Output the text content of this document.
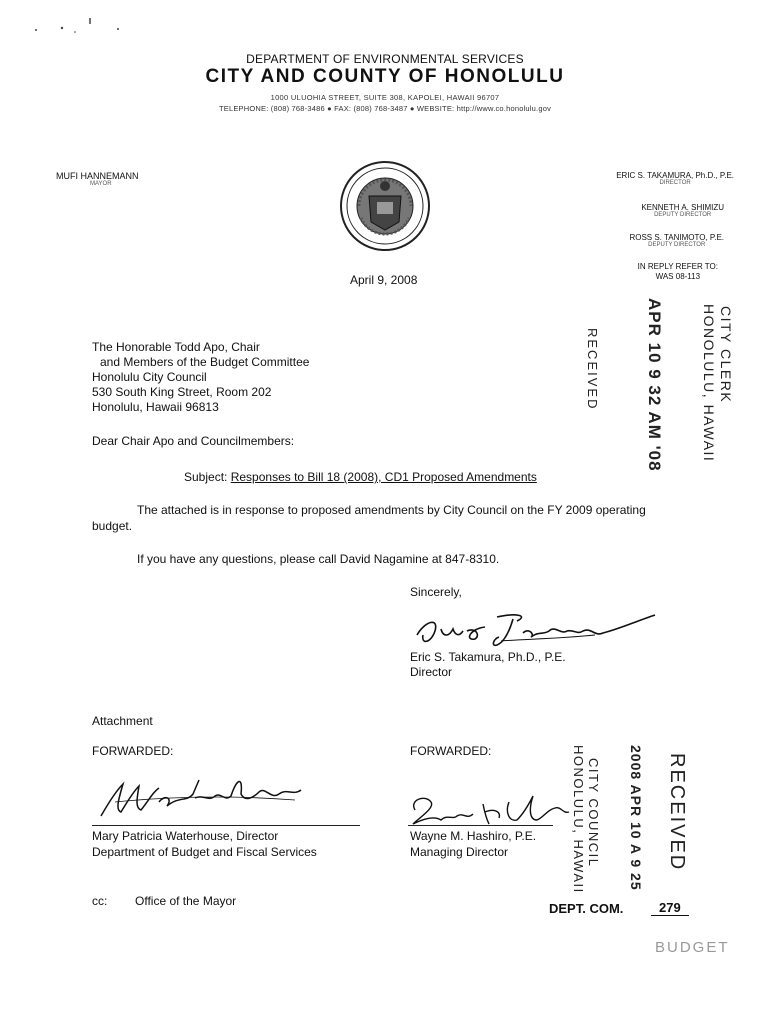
DEPARTMENT OF ENVIRONMENTAL SERVICES
CITY AND COUNTY OF HONOLULU
1000 ULUOHIA STREET, SUITE 308, KAPOLEI, HAWAII 96707
TELEPHONE: (808) 768-3486 ● FAX: (808) 768-3487 ● WEBSITE: http://www.co.honolulu.gov
MUFI HANNEMANN
MAYOR
ERIC S. TAKAMURA, Ph.D., P.E.
DIRECTOR
KENNETH A. SHIMIZU
DEPUTY DIRECTOR
ROSS S. TANIMOTO, P.E.
DEPUTY DIRECTOR
IN REPLY REFER TO:
WAS 08-113
April 9, 2008
The Honorable Todd Apo, Chair
and Members of the Budget Committee
Honolulu City Council
530 South King Street, Room 202
Honolulu, Hawaii 96813
Dear Chair Apo and Councilmembers:
Subject: Responses to Bill 18 (2008), CD1 Proposed Amendments
The attached is in response to proposed amendments by City Council on the FY 2009 operating budget.
If you have any questions, please call David Nagamine at 847-8310.
Sincerely,
Eric S. Takamura, Ph.D., P.E.
Director
Attachment
FORWARDED:	FORWARDED:
Mary Patricia Waterhouse, Director
Department of Budget and Fiscal Services
Wayne M. Hashiro, P.E.
Managing Director
cc: Office of the Mayor	DEPT. COM.	279
BUDGET
RECEIVED	APR 10 9 32 AM '08	CITY CLERK
HONOLULU, HAWAII
CITY COUNCIL
HONOLULU, HAWAII	2008 APR 10 A 9 25 RECEIVED
